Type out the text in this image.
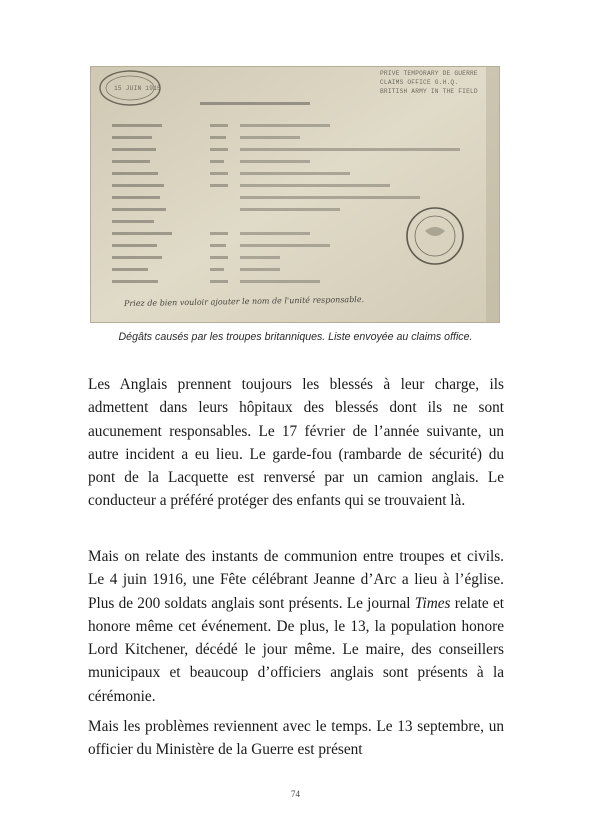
15 JUIN 1915
PRIVE TEMPORARY DE GUERRE
CLAIMS OFFICE G.H.Q.
BRITISH ARMY IN THE FIELD
Priez de bien vouloir ajouter le nom de l'unité responsable.
Dégâts causés par les troupes britanniques. Liste envoyée au claims office.

Les Anglais prennent toujours les blessés à leur charge, ils admettent dans leurs hôpitaux des blessés dont ils ne sont aucunement responsables. Le 17 février de l’année suivante, un autre incident a eu lieu. Le garde-fou (rambarde de sécurité) du pont de la Lacquette est renversé par un camion anglais. Le conducteur a préféré protéger des enfants qui se trouvaient là.

Mais on relate des instants de communion entre troupes et civils. Le 4 juin 1916, une Fête célébrant Jeanne d’Arc a lieu à l’église. Plus de 200 soldats anglais sont présents. Le journal Times relate et honore même cet événement. De plus, le 13, la population honore Lord Kitchener, décédé le jour même. Le maire, des conseillers municipaux et beaucoup d’officiers anglais sont présents à la cérémonie.

Mais les problèmes reviennent avec le temps. Le 13 septembre, un officier du Ministère de la Guerre est présent

74
